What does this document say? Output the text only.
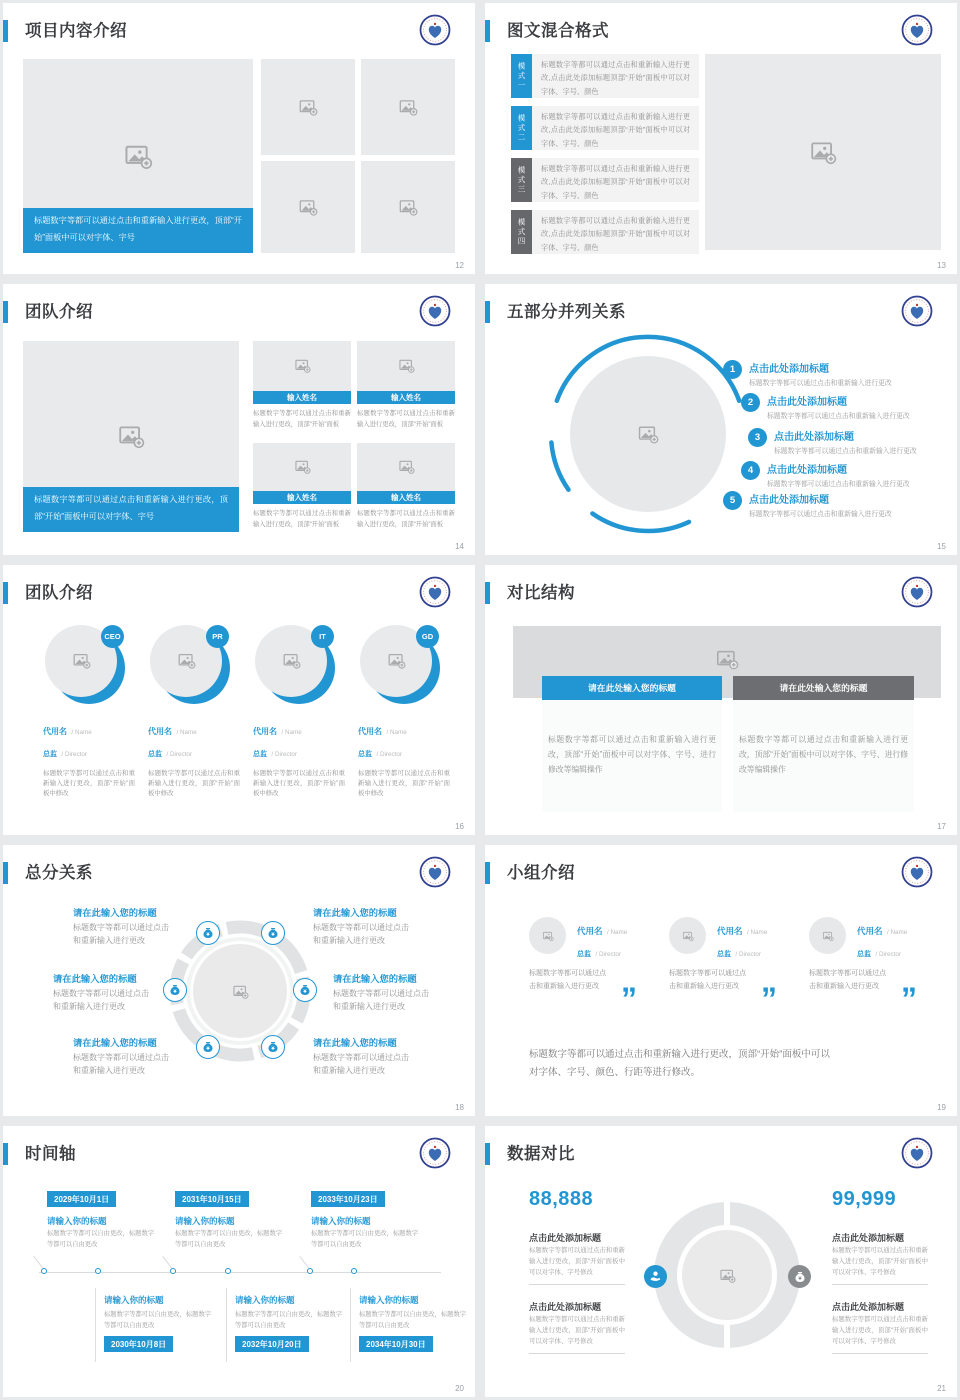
项目内容介绍
标题数字等都可以通过点击和重新输入进行更改，顶部“开始”面板中可以对字体、字号
12
图文混合格式
模式一	标题数字等都可以通过点击和重新输入进行更改,点击此处添加标题顶部“开始”面板中可以对字体、字号、颜色
模式二	标题数字等都可以通过点击和重新输入进行更改,点击此处添加标题顶部“开始”面板中可以对字体、字号、颜色
模式三	标题数字等都可以通过点击和重新输入进行更改,点击此处添加标题顶部“开始”面板中可以对字体、字号、颜色
模式四	标题数字等都可以通过点击和重新输入进行更改,点击此处添加标题顶部“开始”面板中可以对字体、字号、颜色
13
团队介绍
标题数字等都可以通过点击和重新输入进行更改，顶部“开始”面板中可以对字体、字号
输入姓名

标题数字等都可以通过点击和重新输入进行更改，顶部“开始”面板

输入姓名

标题数字等都可以通过点击和重新输入进行更改，顶部“开始”面板

输入姓名

标题数字等都可以通过点击和重新输入进行更改，顶部“开始”面板

输入姓名

标题数字等都可以通过点击和重新输入进行更改，顶部“开始”面板

14
五部分并列关系
1	点击此处添加标题
标题数字等都可以通过点击和重新输入进行更改
2	点击此处添加标题
标题数字等都可以通过点击和重新输入进行更改
3	点击此处添加标题
标题数字等都可以通过点击和重新输入进行更改
4	点击此处添加标题
标题数字等都可以通过点击和重新输入进行更改
5	点击此处添加标题
标题数字等都可以通过点击和重新输入进行更改
15
团队介绍
CEO
代用名 / Name
总监 / Director

标题数字等都可以通过点击和重新输入进行更改，顶部“开始”面板中修改

PR
代用名 / Name
总监 / Director

标题数字等都可以通过点击和重新输入进行更改，顶部“开始”面板中修改

IT
代用名 / Name
总监 / Director

标题数字等都可以通过点击和重新输入进行更改，顶部“开始”面板中修改

GD
代用名 / Name
总监 / Director

标题数字等都可以通过点击和重新输入进行更改，顶部“开始”面板中修改

16
对比结构
请在此处输入您的标题	请在此处输入您的标题
标题数字等都可以通过点击和重新输入进行更改，顶部“开始”面板中可以对字体、字号、进行修改等编辑操作
标题数字等都可以通过点击和重新输入进行更改，顶部“开始”面板中可以对字体、字号、进行修改等编辑操作
17
总分关系
¥	¥
¥	¥
¥	¥
请在此输入您的标题
标题数字等都可以通过点击和重新输入进行更改
请在此输入您的标题
标题数字等都可以通过点击和重新输入进行更改
请在此输入您的标题
标题数字等都可以通过点击和重新输入进行更改
请在此输入您的标题
标题数字等都可以通过点击和重新输入进行更改
请在此输入您的标题
标题数字等都可以通过点击和重新输入进行更改
请在此输入您的标题
标题数字等都可以通过点击和重新输入进行更改
18
小组介绍
代用名 / Name
总监 / Director
标题数字等都可以通过点击和重新输入进行更改 ”
代用名 / Name
总监 / Director
标题数字等都可以通过点击和重新输入进行更改 ”
代用名 / Name
总监 / Director
标题数字等都可以通过点击和重新输入进行更改 ”
标题数字等都可以通过点击和重新输入进行更改，顶部“开始”面板中可以对字体、字号、颜色、行距等进行修改。
19
时间轴
2029年10月1日
请输入你的标题
标题数字等都可以自由更改，标题数字等都可以自由更改
2031年10月15日
请输入你的标题
标题数字等都可以自由更改，标题数字等都可以自由更改
2033年10月23日
请输入你的标题
标题数字等都可以自由更改，标题数字等都可以自由更改
请输入你的标题
标题数字等都可以自由更改，标题数字等都可以自由更改
2030年10月8日
请输入你的标题
标题数字等都可以自由更改，标题数字等都可以自由更改
2032年10月20日
请输入你的标题
标题数字等都可以自由更改，标题数字等都可以自由更改
2034年10月30日
20
数据对比
88,888
点击此处添加标题
标题数字等都可以通过点击和重新输入进行更改，顶部“开始”面板中可以对字体、字号修改
点击此处添加标题
标题数字等都可以通过点击和重新输入进行更改，顶部“开始”面板中可以对字体、字号修改
99,999
点击此处添加标题
标题数字等都可以通过点击和重新输入进行更改，顶部“开始”面板中可以对字体、字号修改
点击此处添加标题
标题数字等都可以通过点击和重新输入进行更改，顶部“开始”面板中可以对字体、字号修改
¥
21
